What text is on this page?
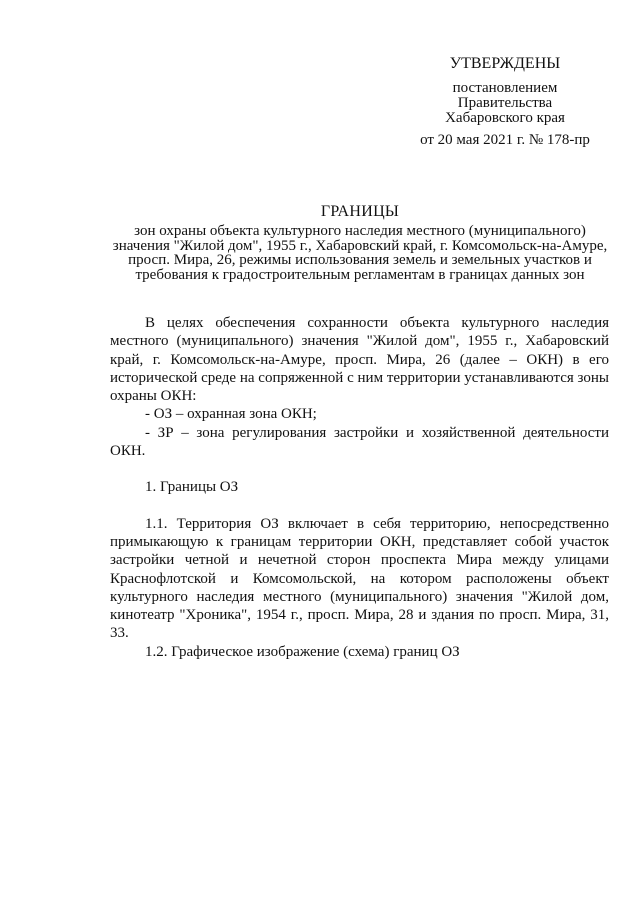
УТВЕРЖДЕНЫ
постановлением
Правительства
Хабаровского края
от 20 мая 2021 г. № 178-пр
ГРАНИЦЫ
зон охраны объекта культурного наследия местного (муниципального)
значения "Жилой дом", 1955 г., Хабаровский край, г. Комсомольск-на-Амуре,
просп. Мира, 26, режимы использования земель и земельных участков и
требования к градостроительным регламентам в границах данных зон

В целях обеспечения сохранности объекта культурного наследия местного (муниципального) значения "Жилой дом", 1955 г., Хабаровский край, г. Комсомольск-на-Амуре, просп. Мира, 26 (далее – ОКН) в его исторической среде на сопряженной с ним территории устанавливаются зоны охраны ОКН:

- ОЗ – охранная зона ОКН;

- ЗР – зона регулирования застройки и хозяйственной деятельности ОКН.

1. Границы ОЗ

1.1. Территория ОЗ включает в себя территорию, непосредственно примыкающую к границам территории ОКН, представляет собой участок застройки четной и нечетной сторон проспекта Мира между улицами Краснофлотской и Комсомольской, на котором расположены объект культурного наследия местного (муниципального) значения "Жилой дом, кинотеатр "Хроника", 1954 г., просп. Мира, 28 и здания по просп. Мира, 31, 33.

1.2. Графическое изображение (схема) границ ОЗ
